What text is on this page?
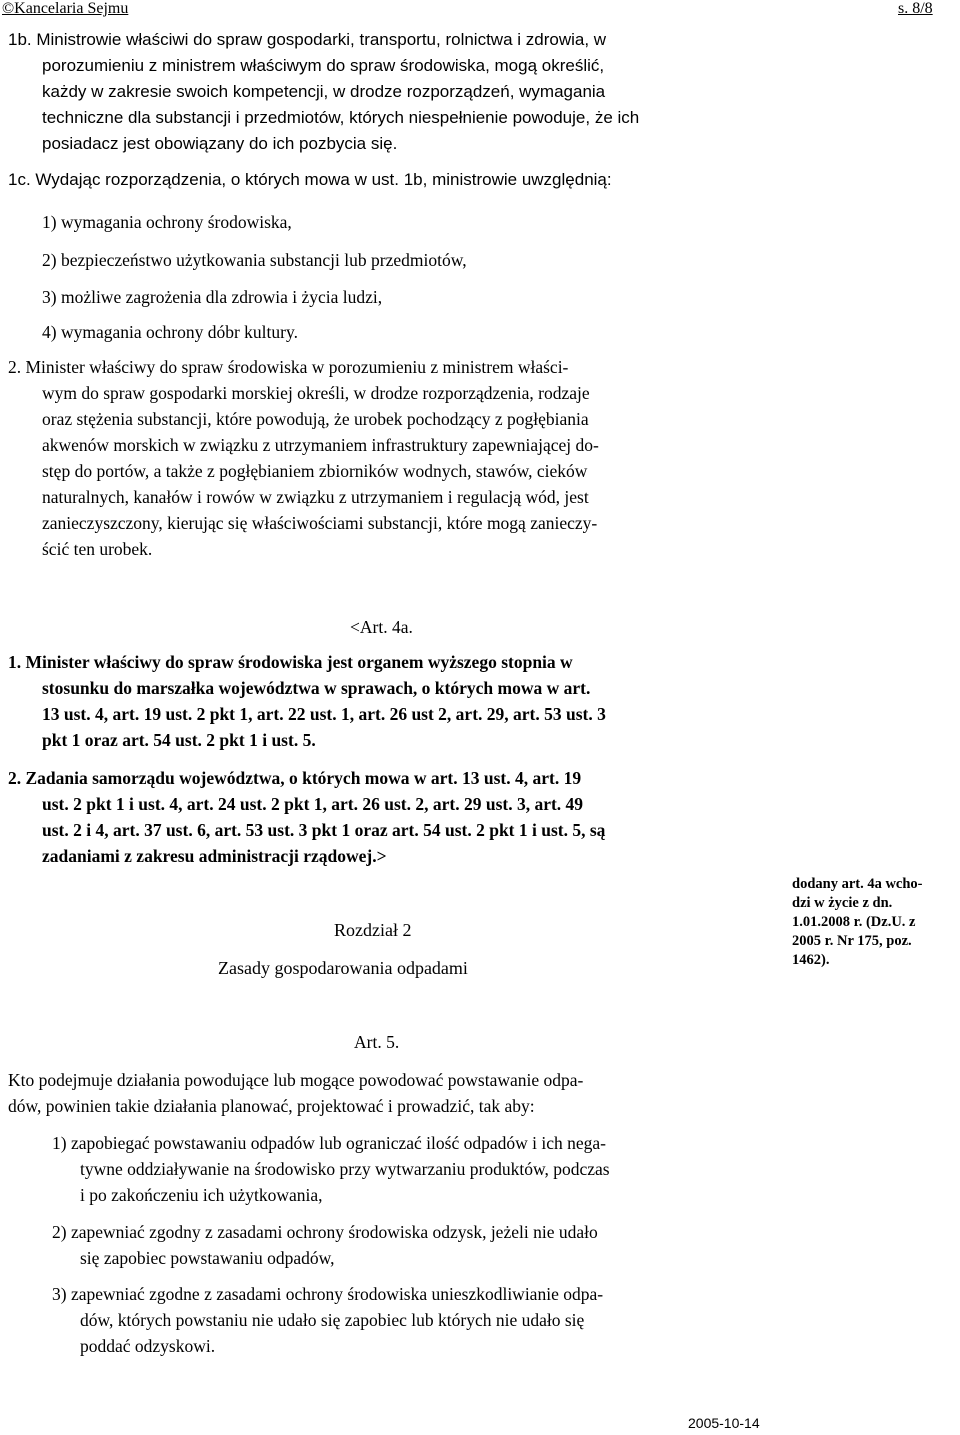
©Kancelaria Sejmu	s. 8/8
1b. Ministrowie właściwi do spraw gospodarki, transportu, rolnictwa i zdrowia, w
porozumieniu z ministrem właściwym do spraw środowiska, mogą określić,
każdy w zakresie swoich kompetencji, w drodze rozporządzeń, wymagania
techniczne dla substancji i przedmiotów, których niespełnienie powoduje, że ich
posiadacz jest obowiązany do ich pozbycia się.
1c. Wydając rozporządzenia, o których mowa w ust. 1b, ministrowie uwzględnią:
1) wymagania ochrony środowiska,
2) bezpieczeństwo użytkowania substancji lub przedmiotów,
3) możliwe zagrożenia dla zdrowia i życia ludzi,
4) wymagania ochrony dóbr kultury.
2. Minister właściwy do spraw środowiska w porozumieniu z ministrem właści-
wym do spraw gospodarki morskiej określi, w drodze rozporządzenia, rodzaje
oraz stężenia substancji, które powodują, że urobek pochodzący z pogłębiania
akwenów morskich w związku z utrzymaniem infrastruktury zapewniającej do-
stęp do portów, a także z pogłębianiem zbiorników wodnych, stawów, cieków
naturalnych, kanałów i rowów w związku z utrzymaniem i regulacją wód, jest
zanieczyszczony, kierując się właściwościami substancji, które mogą zanieczy-
ścić ten urobek.
<Art. 4a.
1. Minister właściwy do spraw środowiska jest organem wyższego stopnia w
stosunku do marszałka województwa w sprawach, o których mowa w art.
13 ust. 4, art. 19 ust. 2 pkt 1, art. 22 ust. 1, art. 26 ust 2, art. 29, art. 53 ust. 3
pkt 1 oraz art. 54 ust. 2 pkt 1 i ust. 5.
2. Zadania samorządu województwa, o których mowa w art. 13 ust. 4, art. 19
ust. 2 pkt 1 i ust. 4, art. 24 ust. 2 pkt 1, art. 26 ust. 2, art. 29 ust. 3, art. 49
ust. 2 i 4, art. 37 ust. 6, art. 53 ust. 3 pkt 1 oraz art. 54 ust. 2 pkt 1 i ust. 5, są
zadaniami z zakresu administracji rządowej.>
dodany art. 4a wcho-
dzi w życie z dn.
1.01.2008 r. (Dz.U. z
2005 r. Nr 175, poz.
1462).
Rozdział 2
Zasady gospodarowania odpadami
Art. 5.
Kto podejmuje działania powodujące lub mogące powodować powstawanie odpa-
dów, powinien takie działania planować, projektować i prowadzić, tak aby:
1) zapobiegać powstawaniu odpadów lub ograniczać ilość odpadów i ich nega-
tywne oddziaływanie na środowisko przy wytwarzaniu produktów, podczas
i po zakończeniu ich użytkowania,
2) zapewniać zgodny z zasadami ochrony środowiska odzysk, jeżeli nie udało
się zapobiec powstawaniu odpadów,
3) zapewniać zgodne z zasadami ochrony środowiska unieszkodliwianie odpa-
dów, których powstaniu nie udało się zapobiec lub których nie udało się
poddać odzyskowi.
2005-10-14
